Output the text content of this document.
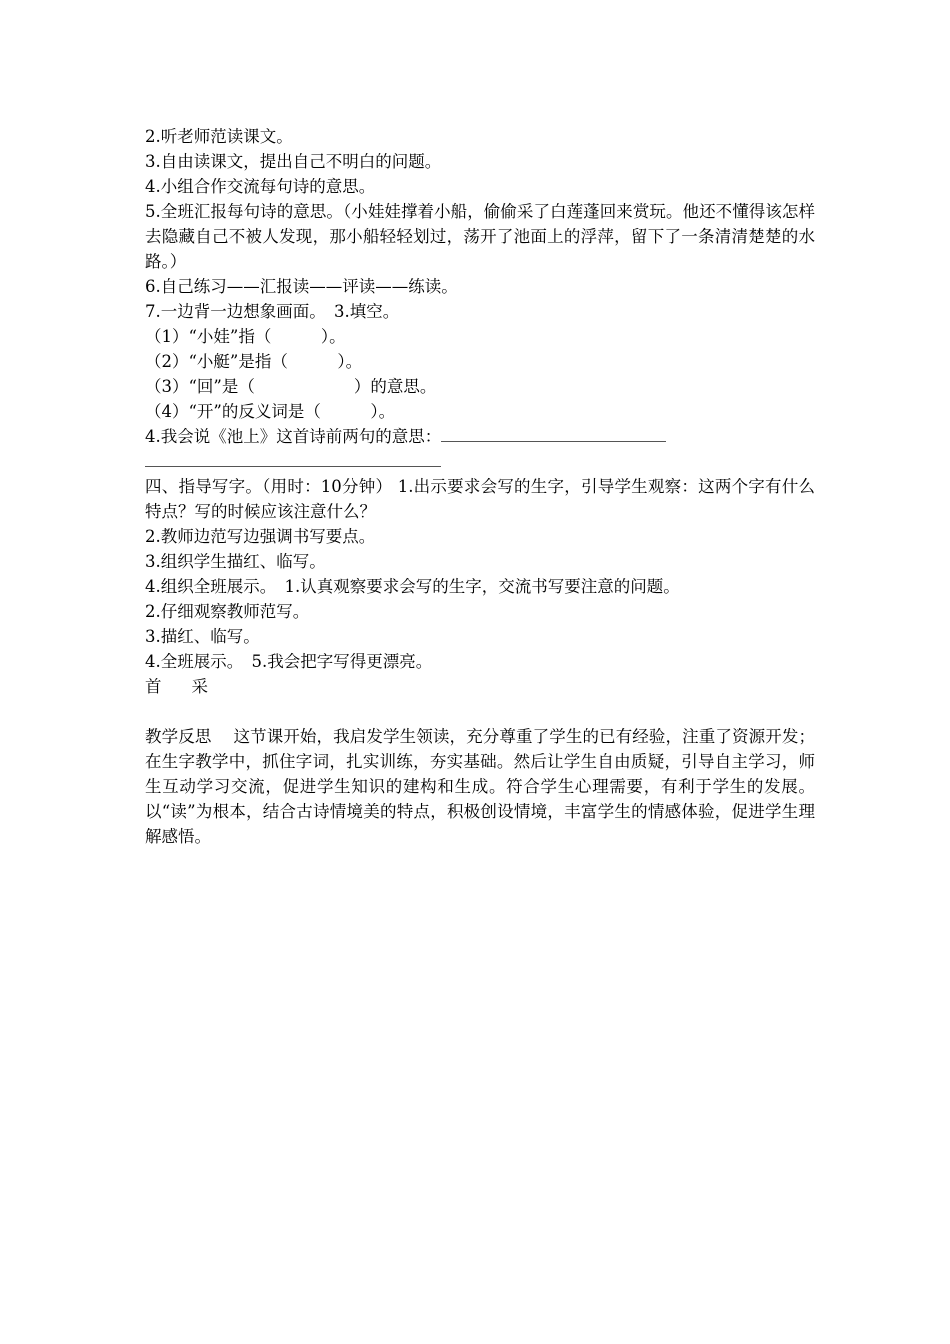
2.听老师范读课文。
3.自由读课文，提出自己不明白的问题。
4.小组合作交流每句诗的意思。
5.全班汇报每句诗的意思。（小娃娃撑着小船，偷偷采了白莲蓬回来赏玩。他还不懂得该怎样去隐藏自己不被人发现，那小船轻轻划过，荡开了池面上的浮萍，留下了一条清清楚楚的水路。）
6.自己练习——汇报读——评读——练读。
7.一边背一边想象画面。　3.填空。
（1）“小娃”指（　　　）。
（2）“小艇”是指（　　　）。
（3）“回”是（　　　　　　）的意思。
（4）“开”的反义词是（　　　）。
4.我会说《池上》这首诗前两句的意思：
四、指导写字。（用时：10分钟） 1.出示要求会写的生字，引导学生观察：这两个字有什么特点？写的时候应该注意什么？
2.教师边范写边强调书写要点。
3.组织学生描红、临写。
4.组织全班展示。　1.认真观察要求会写的生字，交流书写要注意的问题。
2.仔细观察教师范写。
3.描红、临写。
4.全班展示。　5.我会把字写得更漂亮。
首 采
教学反思　 这节课开始，我启发学生领读，充分尊重了学生的已有经验，注重了资源开发；在生字教学中，抓住字词，扎实训练，夯实基础。然后让学生自由质疑，引导自主学习，师生互动学习交流，促进学生知识的建构和生成。符合学生心理需要，有利于学生的发展。以“读”为根本，结合古诗情境美的特点，积极创设情境，丰富学生的情感体验，促进学生理解感悟。
